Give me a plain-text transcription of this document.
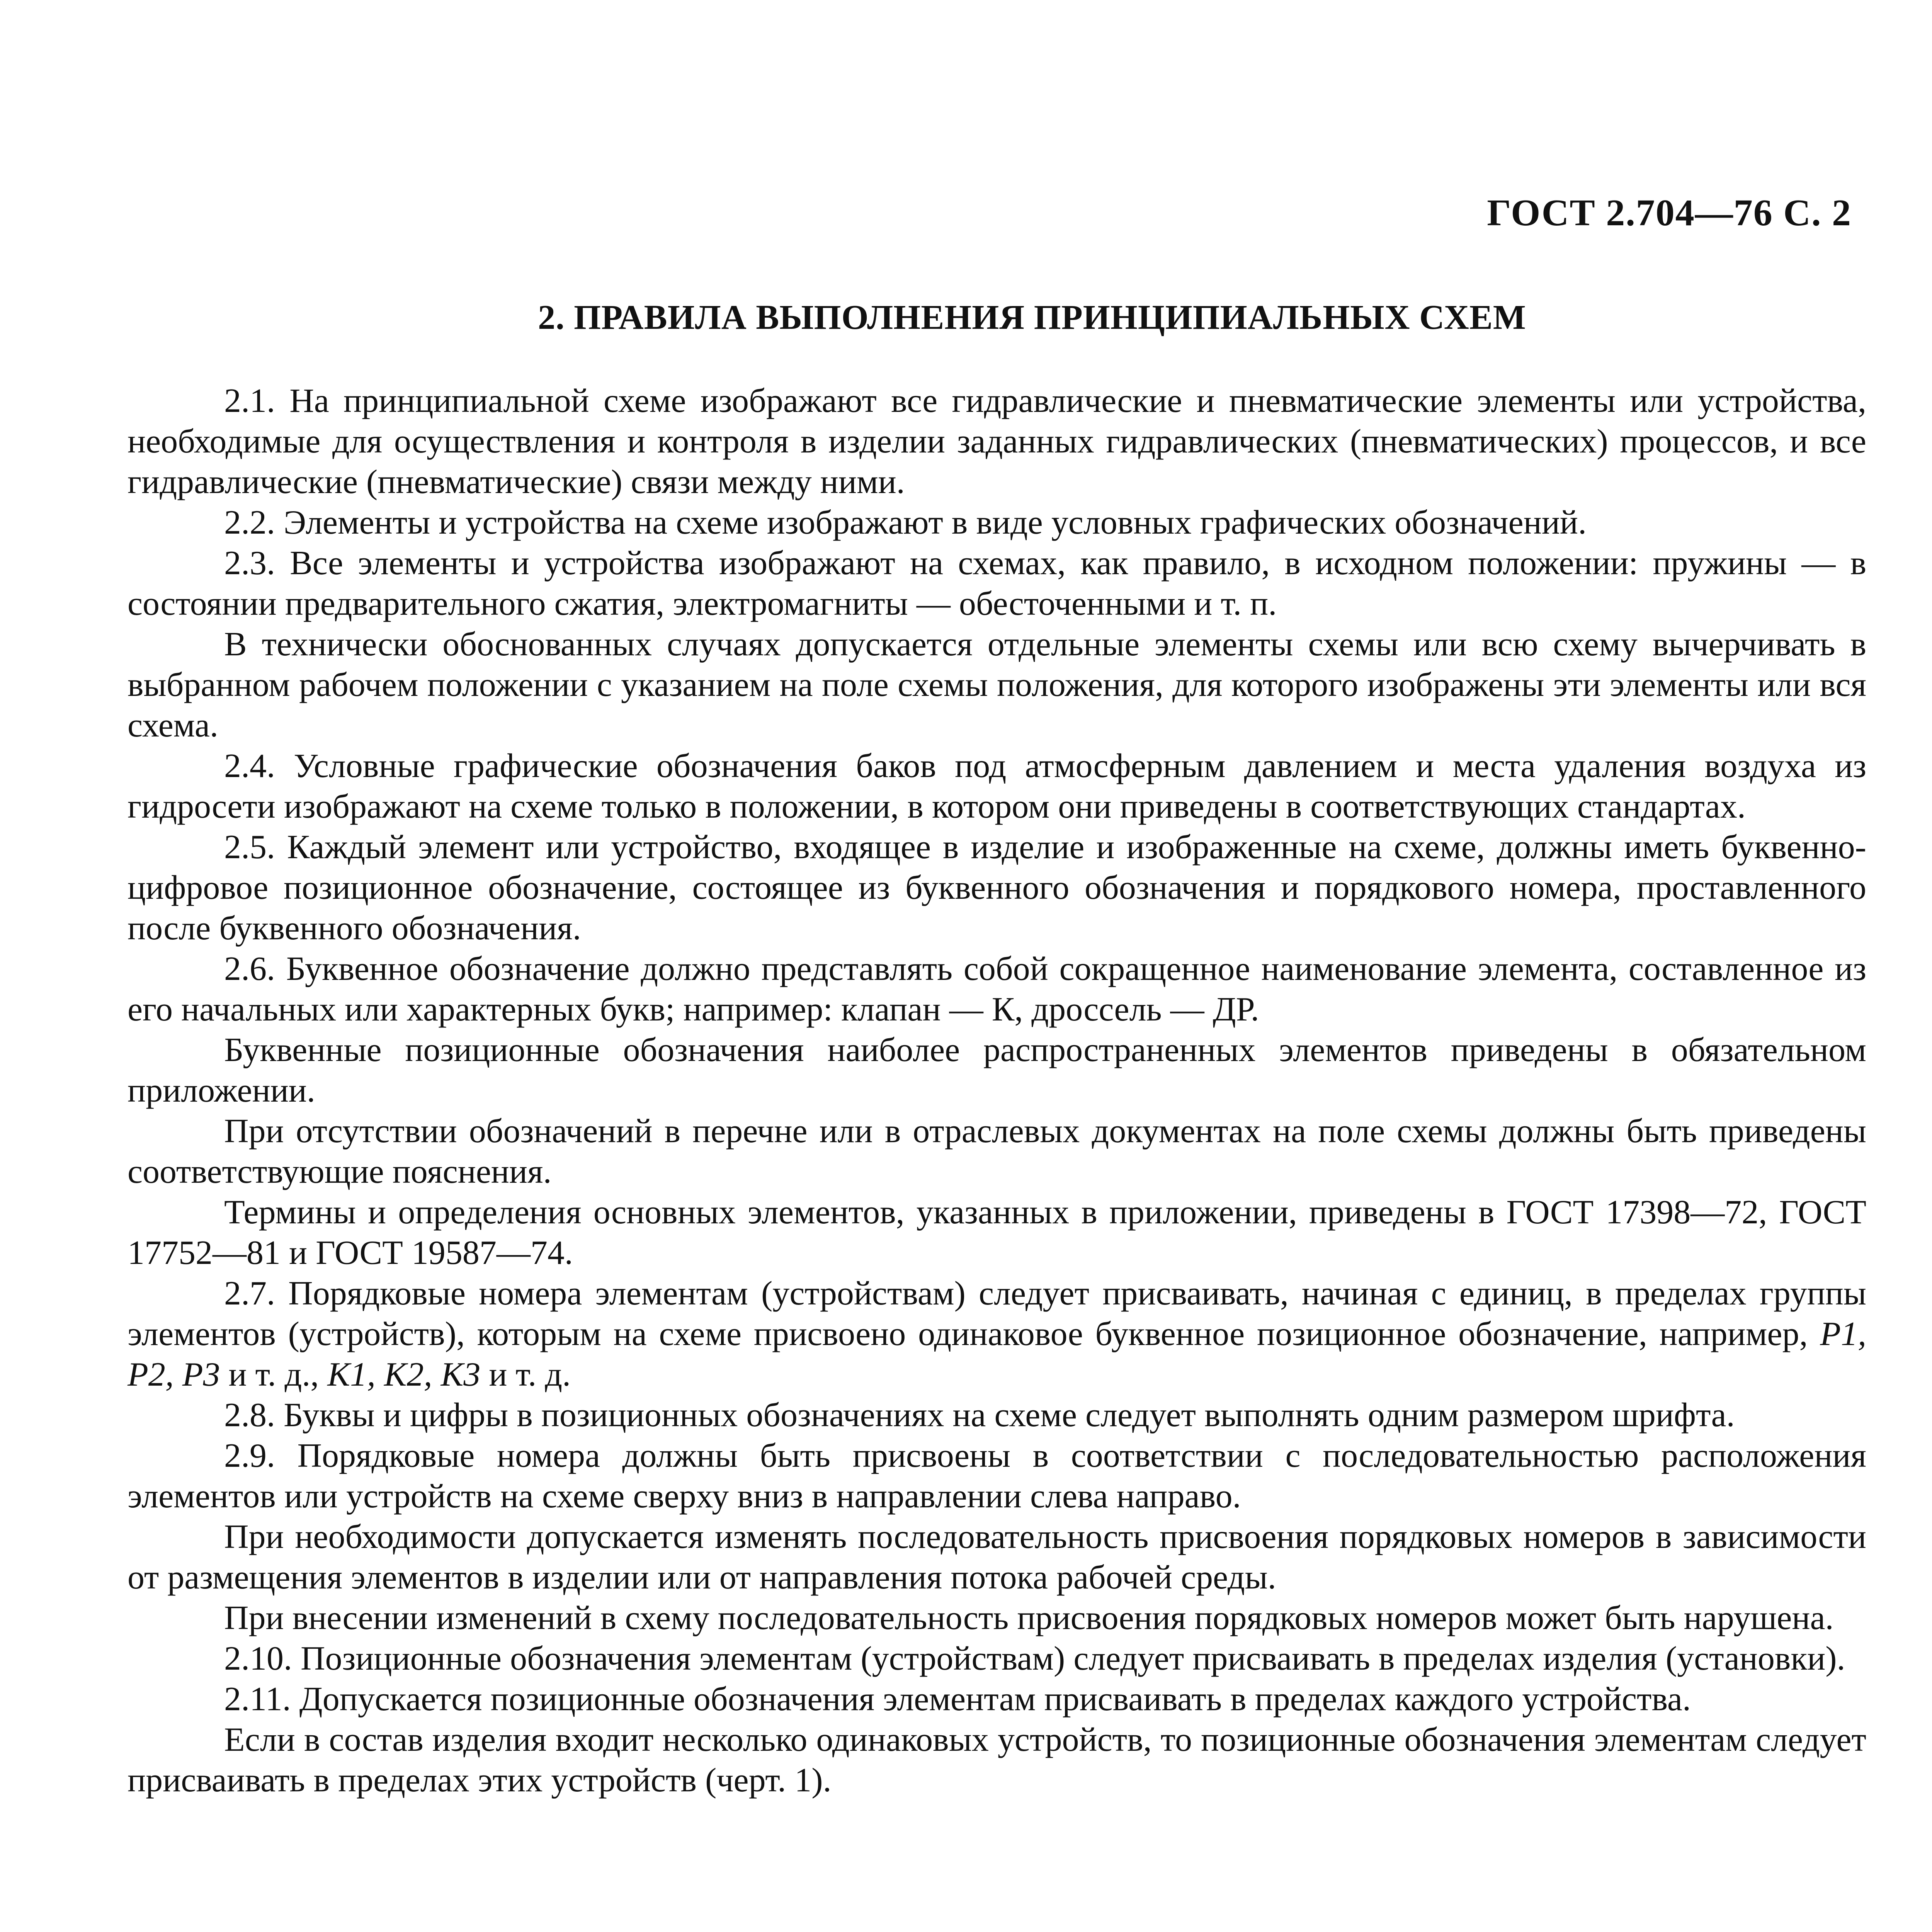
ГОСТ 2.704—76 С. 2
2. ПРАВИЛА ВЫПОЛНЕНИЯ ПРИНЦИПИАЛЬНЫХ СХЕМ

2.1. На принципиальной схеме изображают все гидравлические и пневматические элементы или устройства, необходимые для осуществления и контроля в изделии заданных гидравлических (пневматических) процессов, и все гидравлические (пневматические) связи между ними.

2.2. Элементы и устройства на схеме изображают в виде условных графических обозначений.

2.3. Все элементы и устройства изображают на схемах, как правило, в исходном положении: пружины — в состоянии предварительного сжатия, электромагниты — обесточенными и т. п.

В технически обоснованных случаях допускается отдельные элементы схемы или всю схему вычерчивать в выбранном рабочем положении с указанием на поле схемы положения, для которого изображены эти элементы или вся схема.

2.4. Условные графические обозначения баков под атмосферным давлением и места удаления воздуха из гидросети изображают на схеме только в положении, в котором они приведены в соответствующих стандартах.

2.5. Каждый элемент или устройство, входящее в изделие и изображенные на схеме, должны иметь буквенно-цифровое позиционное обозначение, состоящее из буквенного обозначения и порядкового номера, проставленного после буквенного обозначения.

2.6. Буквенное обозначение должно представлять собой сокращенное наименование элемента, составленное из его начальных или характерных букв; например: клапан — К, дроссель — ДР.

Буквенные позиционные обозначения наиболее распространенных элементов приведены в обязательном приложении.

При отсутствии обозначений в перечне или в отраслевых документах на поле схемы должны быть приведены соответствующие пояснения.

Термины и определения основных элементов, указанных в приложении, приведены в ГОСТ 17398—72, ГОСТ 17752—81 и ГОСТ 19587—74.

2.7. Порядковые номера элементам (устройствам) следует присваивать, начиная с единиц, в пределах группы элементов (устройств), которым на схеме присвоено одинаковое буквенное позиционное обозначение, например, P1, P2, P3 и т. д., K1, K2, K3 и т. д.

2.8. Буквы и цифры в позиционных обозначениях на схеме следует выполнять одним размером шрифта.

2.9. Порядковые номера должны быть присвоены в соответствии с последовательностью расположения элементов или устройств на схеме сверху вниз в направлении слева направо.

При необходимости допускается изменять последовательность присвоения порядковых номеров в зависимости от размещения элементов в изделии или от направления потока рабочей среды.

При внесении изменений в схему последовательность присвоения порядковых номеров может быть нарушена.

2.10. Позиционные обозначения элементам (устройствам) следует присваивать в пределах изделия (установки).

2.11. Допускается позиционные обозначения элементам присваивать в пределах каждого устройства.

Если в состав изделия входит несколько одинаковых устройств, то позиционные обозначения элементам следует присваивать в пределах этих устройств (черт. 1).
